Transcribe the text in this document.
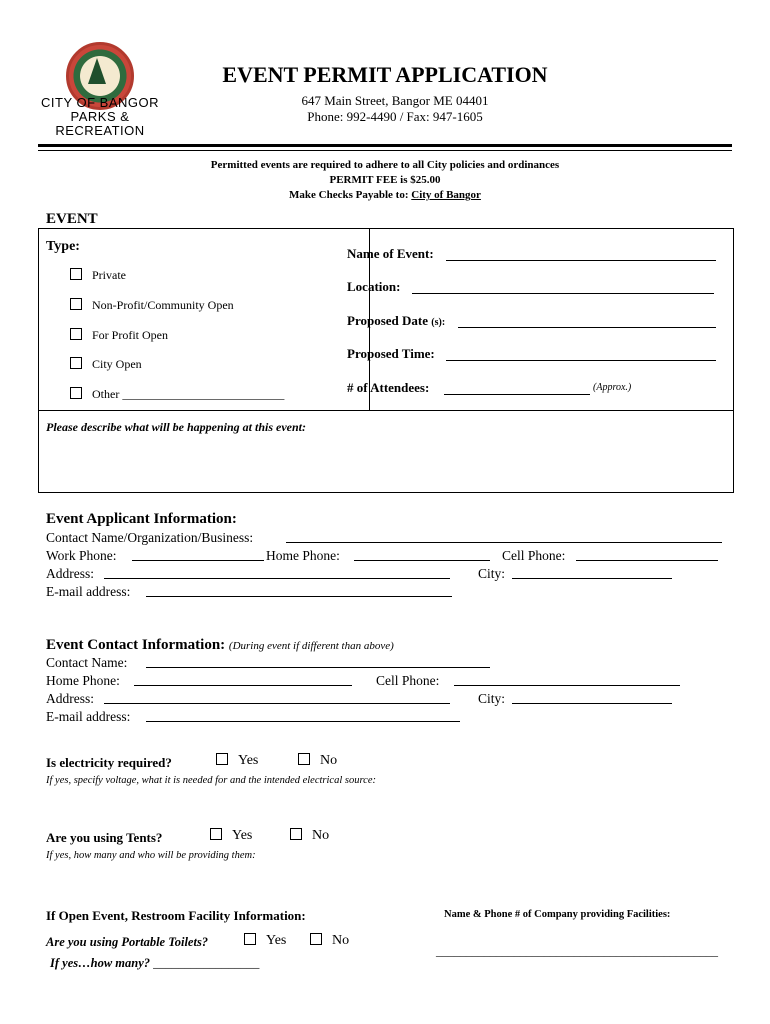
CITY OF BANGOR
PARKS & RECREATION
EVENT PERMIT APPLICATION
647 Main Street, Bangor ME 04401
Phone: 992-4490 / Fax: 947-1605
Permitted events are required to adhere to all City policies and ordinances
PERMIT FEE is $25.00
Make Checks Payable to: City of Bangor
EVENT
Type:
Private
Non-Profit/Community Open
For Profit Open
City Open
Other ___________________________
Name of Event:
Location:
Proposed Date (s):
Proposed Time:
# of Attendees:	(Approx.)
Please describe what will be happening at this event:
Event Applicant Information:
Contact Name/Organization/Business:
Work Phone:	Home Phone:	Cell Phone:
Address:	City:
E-mail address:
Event Contact Information: (During event if different than above)
Contact Name:
Home Phone:	Cell Phone:
Address:	City:
E-mail address:
Is electricity required?	Yes	No
If yes, specify voltage, what it is needed for and the intended electrical source:
Are you using Tents?	Yes	No
If yes, how many and who will be providing them:
If Open Event, Restroom Facility Information:	Name & Phone # of Company providing Facilities:
Are you using Portable Toilets?	Yes	No
_______________________________________________
If yes…how many? _________________
